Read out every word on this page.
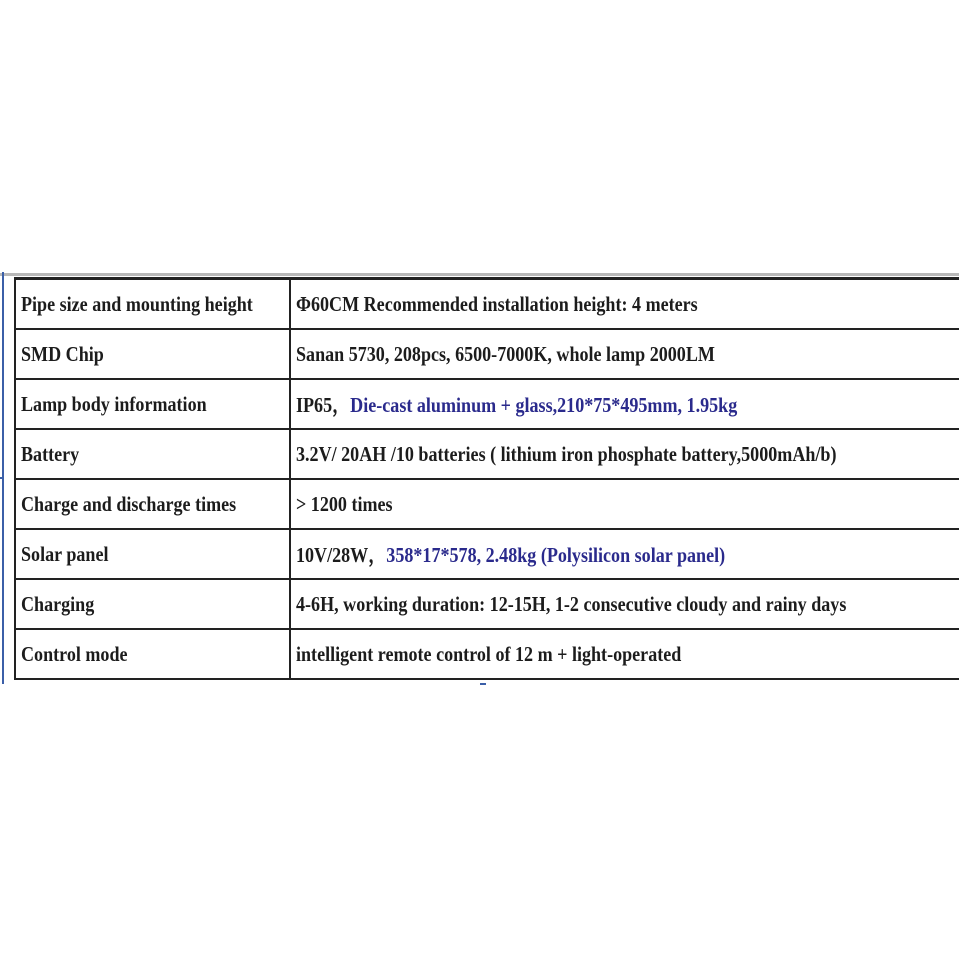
Pipe size and mounting height	Φ60CM Recommended installation height: 4 meters
SMD Chip	Sanan 5730, 208pcs, 6500-7000K, whole lamp 2000LM
Lamp body information	IP65，Die-cast aluminum + glass,210*75*495mm, 1.95kg
Battery	3.2V/ 20AH /10 batteries ( lithium iron phosphate battery,5000mAh/b)
Charge and discharge times	> 1200 times
Solar panel	10V/28W，358*17*578, 2.48kg (Polysilicon solar panel)
Charging	4-6H, working duration: 12-15H, 1-2 consecutive cloudy and rainy days
Control mode	intelligent remote control of 12 m + light-operated
